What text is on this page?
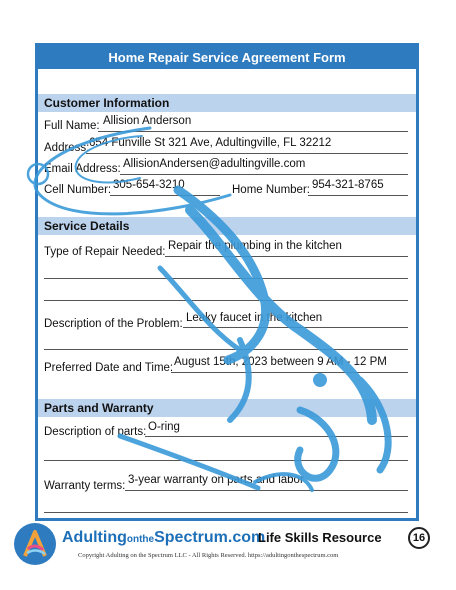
Home Repair Service Agreement Form
Customer Information
Full Name: Allision Anderson
Address: 654 Funville St 321 Ave, Adultingville, FL 32212
Email Address: AllisionAndersen@adultingville.com
Cell Number: 305-654-3210	Home Number: 954-321-8765
Service Details
Type of Repair Needed: Repair the plumbing in the kitchen
Description of the Problem: Leaky faucet in the kitchen
Preferred Date and Time: August 15th, 2023 between 9 AM - 12 PM
Parts and Warranty
Description of parts: O-ring
Warranty terms: 3-year warranty on parts and labor
AdultingontheSpectrum.com
Life Skills Resource	16
Copyright Adulting on the Spectrum LLC - All Rights Reserved. https://adultingonthespectrum.com
